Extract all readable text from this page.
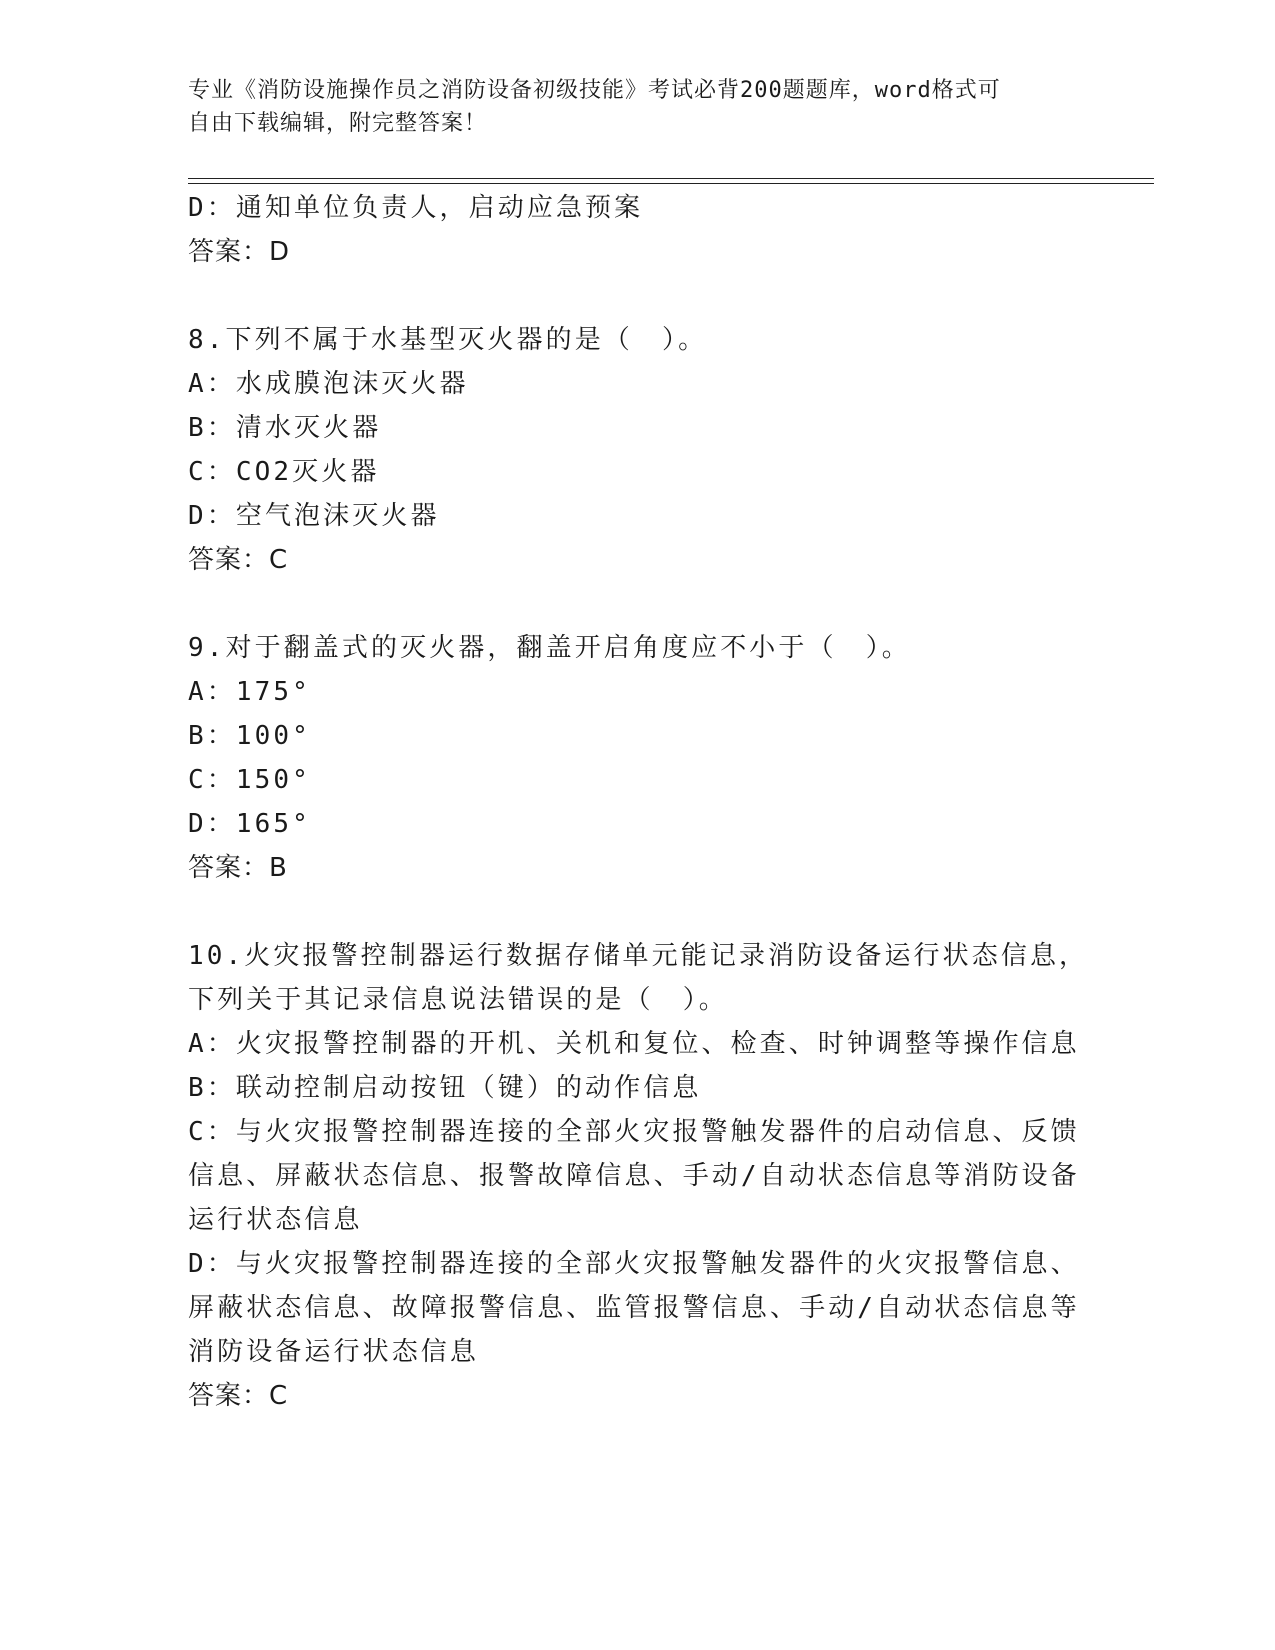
专业《消防设施操作员之消防设备初级技能》考试必背200题题库，word格式可
自由下载编辑，附完整答案！
D：通知单位负责人，启动应急预案
答案：D
8.下列不属于水基型灭火器的是（　）。
A：水成膜泡沫灭火器
B：清水灭火器
C：CO2灭火器
D：空气泡沫灭火器
答案：C
9.对于翻盖式的灭火器，翻盖开启角度应不小于（　）。
A：175°
B：100°
C：150°
D：165°
答案：B
10.火灾报警控制器运行数据存储单元能记录消防设备运行状态信息，
下列关于其记录信息说法错误的是（　）。
A：火灾报警控制器的开机、关机和复位、检查、时钟调整等操作信息
B：联动控制启动按钮（键）的动作信息
C：与火灾报警控制器连接的全部火灾报警触发器件的启动信息、反馈
信息、屏蔽状态信息、报警故障信息、手动/自动状态信息等消防设备
运行状态信息
D：与火灾报警控制器连接的全部火灾报警触发器件的火灾报警信息、
屏蔽状态信息、故障报警信息、监管报警信息、手动/自动状态信息等
消防设备运行状态信息
答案：C
